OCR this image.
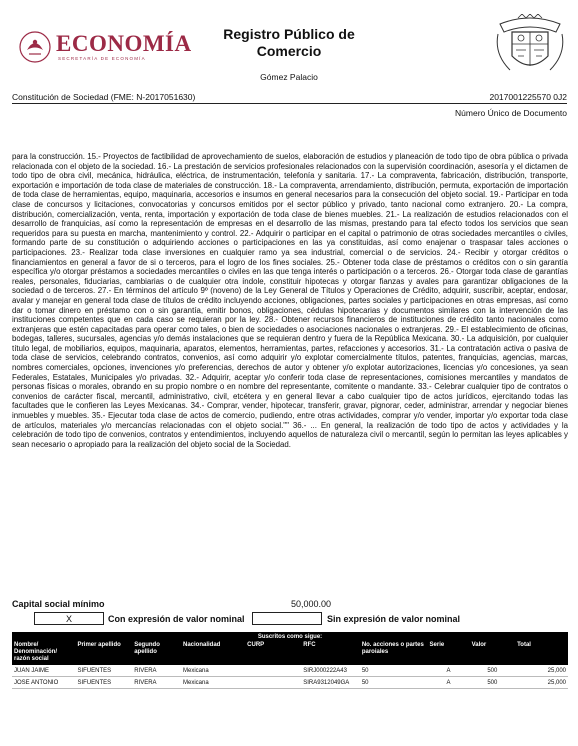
ECONOMÍA
SECRETARÍA DE ECONOMÍA
Registro Público de
Comercio
Gómez Palacio
Constitución de Sociedad (FME: N-2017051630)	2017001225570 0J2
Número Único de Documento

para la construcción. 15.- Proyectos de factibilidad de aprovechamiento de suelos, elaboración de estudios y planeación de todo tipo de obra pública o privada relacionada con el objeto de la sociedad. 16.- La prestación de servicios profesionales relacionados con la supervisión coordinación, asesoría y el dictamen de todo tipo de obra civil, mecánica, hidráulica, eléctrica, de instrumentación, telefonía y sanitaria. 17.- La compraventa, fabricación, distribución, transporte, exportación e importación de toda clase de materiales de construcción. 18.- La compraventa, arrendamiento, distribución, permuta, exportación de importación de toda clase de herramientas, equipo, maquinaria, accesorios e insumos en general necesarios para la consecución del objeto social. 19.- Participar en toda clase de concursos y licitaciones, convocatorias y concursos emitidos por el sector público y privado, tanto nacional como extranjero. 20.- La compra, distribución, comercialización, venta, renta, importación y exportación de toda clase de bienes muebles. 21.- La realización de estudios relacionados con el desarrollo de franquicias, así como la representación de empresas en el desarrollo de las mismas, prestando para tal efecto todos los servicios que sean requeridos para su puesta en marcha, mantenimiento y control. 22.- Adquirir o participar en el capital o patrimonio de otras sociedades mercantiles o civiles, formando parte de su constitución o adquiriendo acciones o participaciones en las ya constituidas, así como enajenar o traspasar tales acciones o participaciones. 23.- Realizar toda clase inversiones en cualquier ramo ya sea industrial, comercial o de servicios. 24.- Recibir y otorgar créditos o financiamientos en general a favor de si o terceros, para el logro de los fines sociales. 25.- Obtener toda clase de préstamos o créditos con o sin garantía específica y/o otorgar préstamos a sociedades mercantiles o civiles en las que tenga interés o participación o a terceros. 26.- Otorgar toda clase de garantías reales, personales, fiduciarias, cambiarias o de cualquier otra índole, constituir hipotecas y otorgar fianzas y avales para garantizar obligaciones de la sociedad o de terceros. 27.- En términos del artículo 9º (noveno) de la Ley General de Títulos y Operaciones de Crédito, adquirir, suscribir, aceptar, endosar, avalar y manejar en general toda clase de títulos de crédito incluyendo acciones, obligaciones, partes sociales y participaciones en otras empresas, así como dar o tomar dinero en préstamo con o sin garantía, emitir bonos, obligaciones, cédulas hipotecarias y documentos similares con la intervención de las instituciones competentes que en cada caso se requieran por la ley. 28.- Obtener recursos financieros de instituciones de crédito tanto nacionales como extranjeras que estén capacitadas para operar como tales, o bien de sociedades o asociaciones nacionales o extranjeras. 29.- El establecimiento de oficinas, bodegas, talleres, sucursales, agencias y/o demás instalaciones que se requieran dentro y fuera de la República Mexicana. 30.- La adquisición, por cualquier título legal, de mobiliarios, equipos, maquinaria, aparatos, elementos, herramientas, partes, refacciones y accesorios. 31.- La contratación activa o pasiva de toda clase de servicios, celebrando contratos, convenios, así como adquirir y/o explotar comercialmente títulos, patentes, franquicias, agencias, marcas, nombres comerciales, opciones, invenciones y/o preferencias, derechos de autor y obtener y/o explotar autorizaciones, licencias y/o concesiones, ya sean Federales, Estatales, Municipales y/o privadas. 32.- Adquirir, aceptar y/o conferir toda clase de representaciones, comisiones mercantiles y mandatos de personas físicas o morales, obrando en su propio nombre o en nombre del representante, comitente o mandante. 33.- Celebrar cualquier tipo de contratos o convenios de carácter fiscal, mercantil, administrativo, civil, etcétera y en general llevar a cabo cualquier tipo de actos jurídicos, ejercitando todas las facultades que le confieren las Leyes Mexicanas. 34.- Comprar, vender, hipotecar, transferir, gravar, pignorar, ceder, administrar, arrendar y negociar bienes inmuebles y muebles. 35.- Ejecutar toda clase de actos de comercio, pudiendo, entre otras actividades, comprar y/o vender, importar y/o exportar toda clase de artículos, materiales y/o mercancías relacionadas con el objeto social."" 36.- ... En general, la realización de todo tipo de actos y actividades y la celebración de todo tipo de convenios, contratos y entendimientos, incluyendo aquellos de naturaleza civil o mercantil, según lo permitan las leyes aplicables y sean necesario o apropiado para la realización del objeto social de la Sociedad.

Capital social mínimo	50,000.00
X	Con expresión de valor nominal	Sin expresión de valor nominal
Suscritos como sigue:									
Nombre/ Denominación/ razón social	Primer apellido	Segundo apellido	Nacionalidad	CURP	RFC	No. acciones o partes paroiales	Serie	Valor	Total
JUAN JAIME	SIFUENTES	RIVERA	Mexicana		SIRJ000222A43	50	A	500	25,000
JOSE ANTONIO	SIFUENTES	RIVERA	Mexicana		SIRA9312049GA	50	A	500	25,000
